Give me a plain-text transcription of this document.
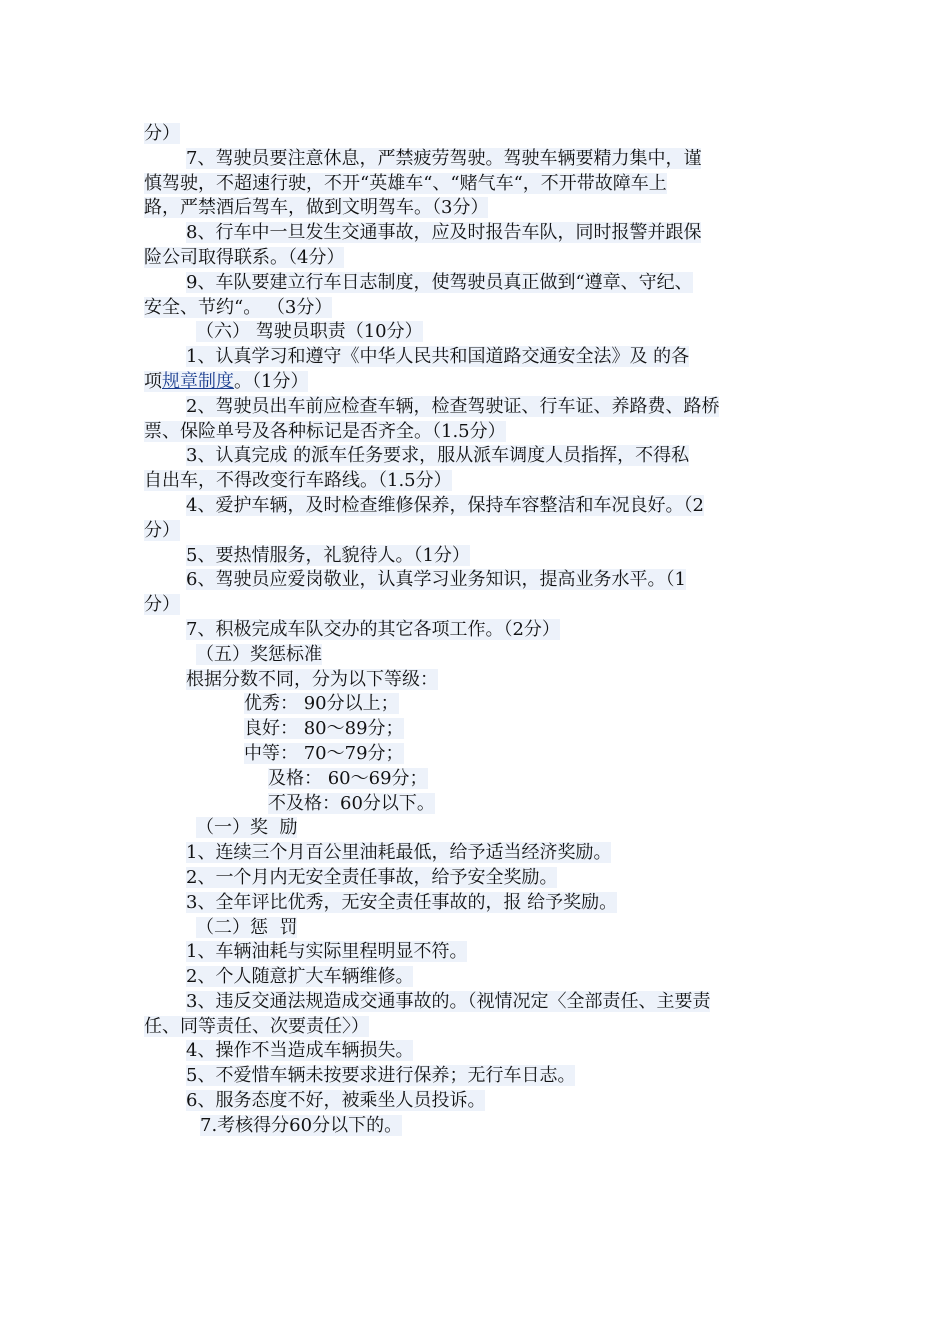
分）
7、驾驶员要注意休息，严禁疲劳驾驶。驾驶车辆要精力集中，谨
慎驾驶，不超速行驶，不开“英雄车“、“赌气车“，不开带故障车上
路，严禁酒后驾车，做到文明驾车。（3分）
8、行车中一旦发生交通事故，应及时报告车队，同时报警并跟保
险公司取得联系。（4分）
9、车队要建立行车日志制度，使驾驶员真正做到“遵章、守纪、
安全、节约“。 （3分）
（六） 驾驶员职责（10分）
1、认真学习和遵守《中华人民共和国道路交通安全法》及 的各
项规章制度。（1分）
2、驾驶员出车前应检查车辆，检查驾驶证、行车证、养路费、路桥
票、保险单号及各种标记是否齐全。（1.5分）
3、认真完成 的派车任务要求，服从派车调度人员指挥，不得私
自出车，不得改变行车路线。（1.5分）
4、爱护车辆，及时检查维修保养，保持车容整洁和车况良好。（2
分）
5、要热情服务，礼貌待人。（1分）
6、驾驶员应爱岗敬业，认真学习业务知识，提高业务水平。（1
分）
7、积极完成车队交办的其它各项工作。（2分）
（五）奖惩标准
根据分数不同，分为以下等级：
优秀： 90分以上；
良好： 80～89分；
中等： 70～79分；
及格： 60～69分；
不及格：60分以下。
（一）奖  励
1、连续三个月百公里油耗最低，给予适当经济奖励。
2、一个月内无安全责任事故，给予安全奖励。
3、全年评比优秀，无安全责任事故的，报 给予奖励。
（二）惩  罚
1、车辆油耗与实际里程明显不符。
2、个人随意扩大车辆维修。
3、违反交通法规造成交通事故的。（视情况定〈全部责任、主要责
任、同等责任、次要责任〉）
4、操作不当造成车辆损失。
5、不爱惜车辆未按要求进行保养；无行车日志。
6、服务态度不好，被乘坐人员投诉。
7.考核得分60分以下的。
